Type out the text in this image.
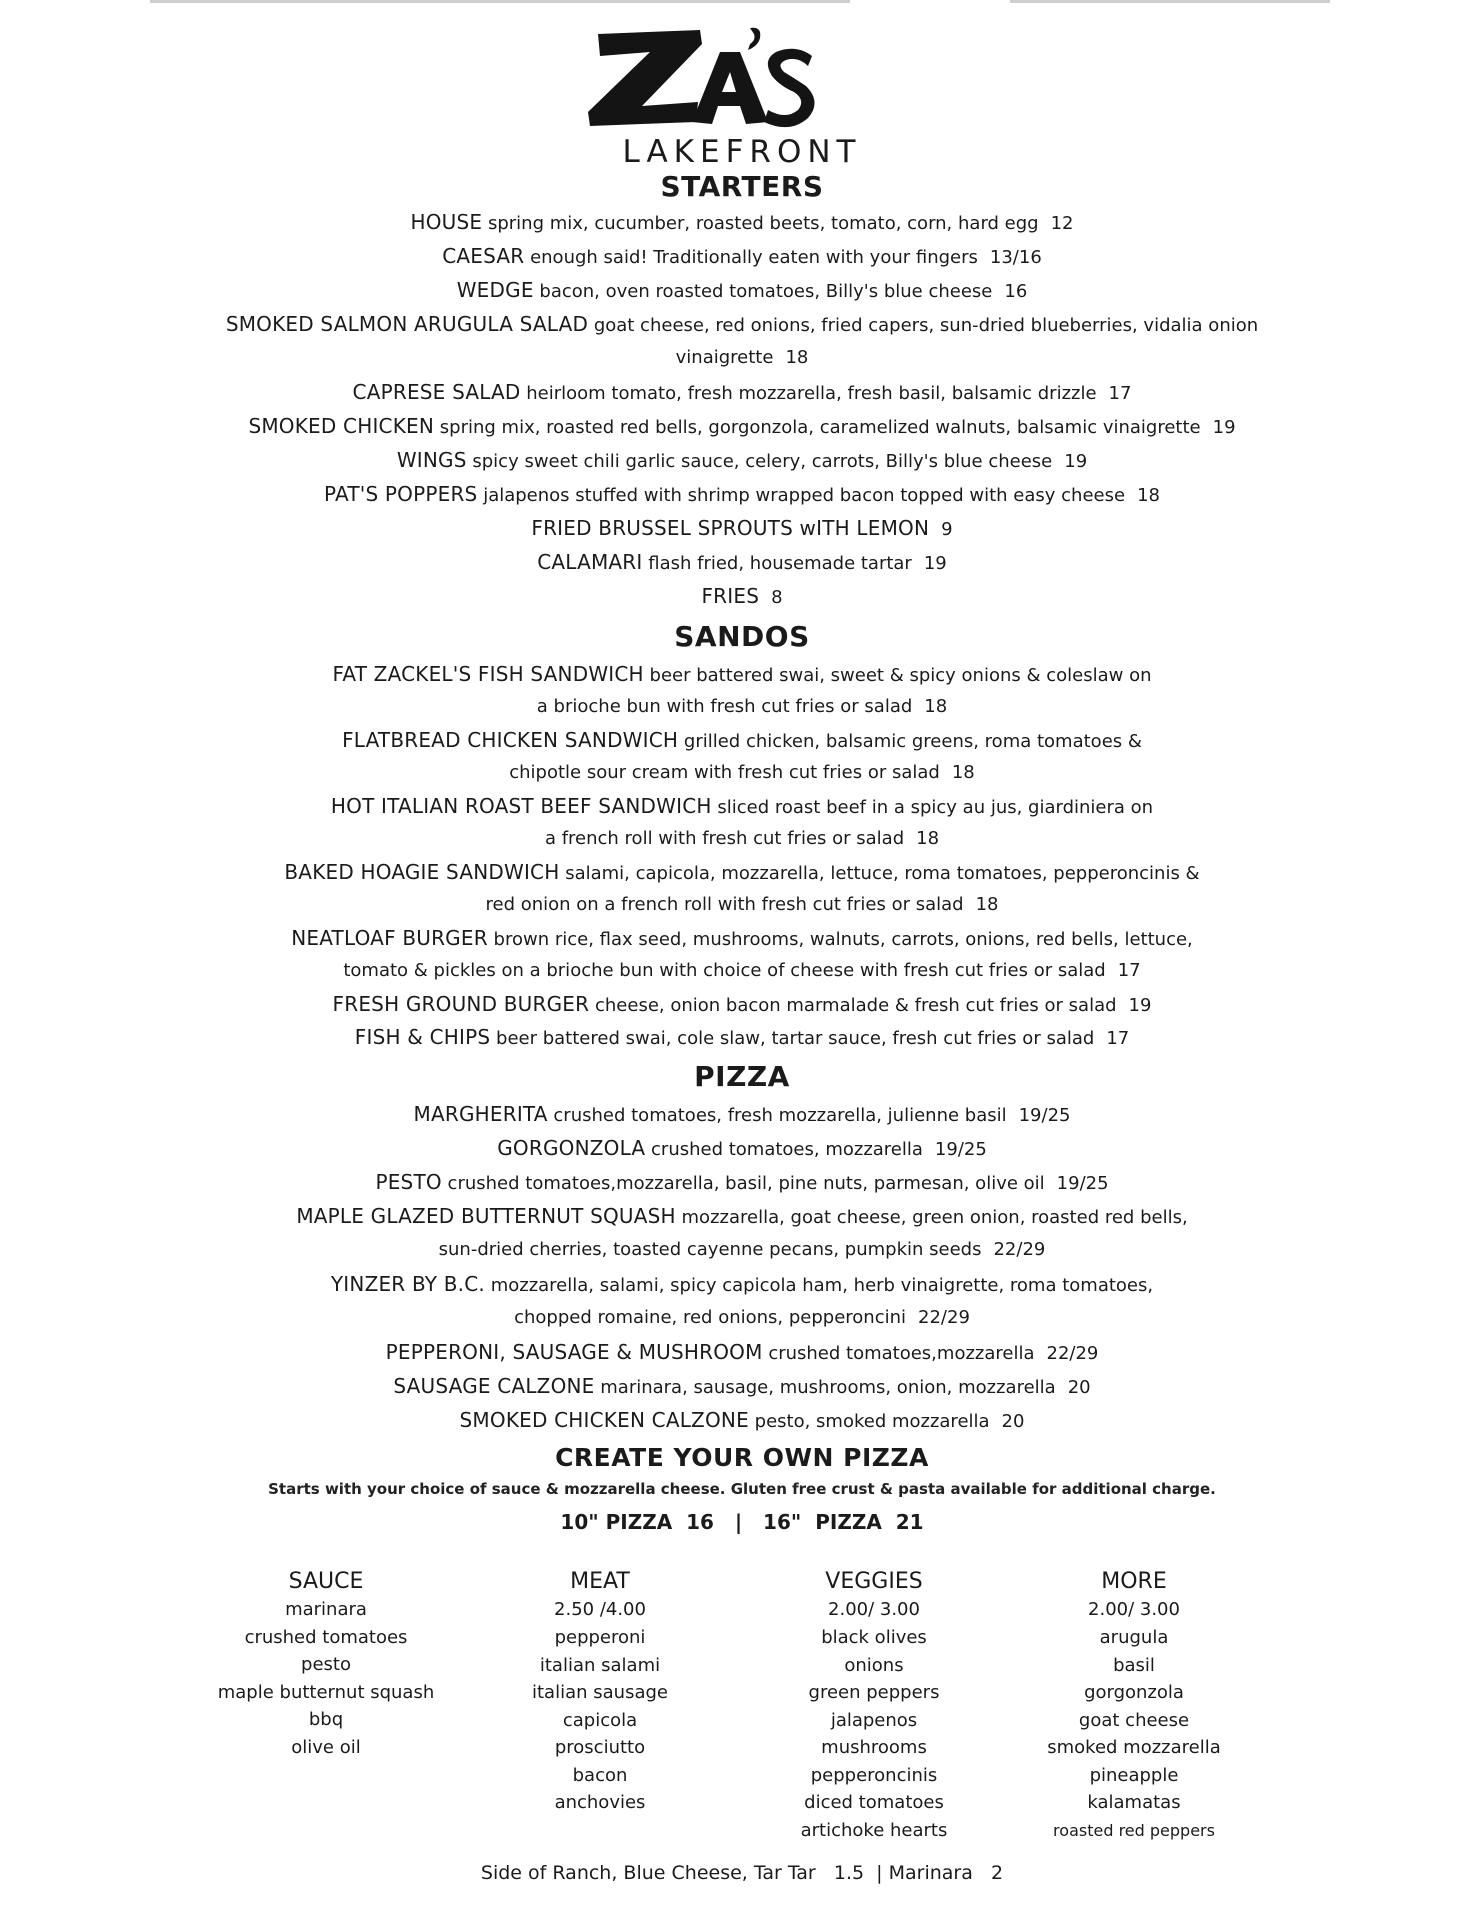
LAKEFRONT
STARTERS
HOUSE spring mix, cucumber, roasted beets, tomato, corn, hard egg 12
CAESAR enough said! Traditionally eaten with your fingers 13/16
WEDGE bacon, oven roasted tomatoes, Billy's blue cheese 16
SMOKED SALMON ARUGULA SALAD goat cheese, red onions, fried capers, sun-dried blueberries, vidalia onion
vinaigrette 18
CAPRESE SALAD heirloom tomato, fresh mozzarella, fresh basil, balsamic drizzle 17
SMOKED CHICKEN spring mix, roasted red bells, gorgonzola, caramelized walnuts, balsamic vinaigrette 19
WINGS spicy sweet chili garlic sauce, celery, carrots, Billy's blue cheese 19
PAT'S POPPERS jalapenos stuffed with shrimp wrapped bacon topped with easy cheese 18
FRIED BRUSSEL SPROUTS wITH LEMON 9
CALAMARI flash fried, housemade tartar 19
FRIES 8
SANDOS
FAT ZACKEL'S FISH SANDWICH beer battered swai, sweet & spicy onions & coleslaw on
a brioche bun with fresh cut fries or salad 18
FLATBREAD CHICKEN SANDWICH grilled chicken, balsamic greens, roma tomatoes &
chipotle sour cream with fresh cut fries or salad 18
HOT ITALIAN ROAST BEEF SANDWICH sliced roast beef in a spicy au jus, giardiniera on
a french roll with fresh cut fries or salad 18
BAKED HOAGIE SANDWICH salami, capicola, mozzarella, lettuce, roma tomatoes, pepperoncinis &
red onion on a french roll with fresh cut fries or salad 18
NEATLOAF BURGER brown rice, flax seed, mushrooms, walnuts, carrots, onions, red bells, lettuce,
tomato & pickles on a brioche bun with choice of cheese with fresh cut fries or salad 17
FRESH GROUND BURGER cheese, onion bacon marmalade & fresh cut fries or salad 19
FISH & CHIPS beer battered swai, cole slaw, tartar sauce, fresh cut fries or salad 17
PIZZA
MARGHERITA crushed tomatoes, fresh mozzarella, julienne basil 19/25
GORGONZOLA crushed tomatoes, mozzarella 19/25
PESTO crushed tomatoes,mozzarella, basil, pine nuts, parmesan, olive oil 19/25
MAPLE GLAZED BUTTERNUT SQUASH mozzarella, goat cheese, green onion, roasted red bells,
sun-dried cherries, toasted cayenne pecans, pumpkin seeds 22/29
YINZER BY B.C. mozzarella, salami, spicy capicola ham, herb vinaigrette, roma tomatoes,
chopped romaine, red onions, pepperoncini 22/29
PEPPERONI, SAUSAGE & MUSHROOM crushed tomatoes,mozzarella 22/29
SAUSAGE CALZONE marinara, sausage, mushrooms, onion, mozzarella 20
SMOKED CHICKEN CALZONE pesto, smoked mozzarella 20
CREATE YOUR OWN PIZZA
Starts with your choice of sauce & mozzarella cheese. Gluten free crust & pasta available for additional charge.
10" PIZZA  16   |   16"  PIZZA  21
SAUCE
marinara
crushed tomatoes
pesto
maple butternut squash
bbq
olive oil
MEAT
2.50 /4.00
pepperoni
italian salami
italian sausage
capicola
prosciutto
bacon
anchovies
VEGGIES
2.00/ 3.00
black olives
onions
green peppers
jalapenos
mushrooms
pepperoncinis
diced tomatoes
artichoke hearts
MORE
2.00/ 3.00
arugula
basil
gorgonzola
goat cheese
smoked mozzarella
pineapple
kalamatas
roasted red peppers
Side of Ranch, Blue Cheese, Tar Tar   1.5  | Marinara   2
